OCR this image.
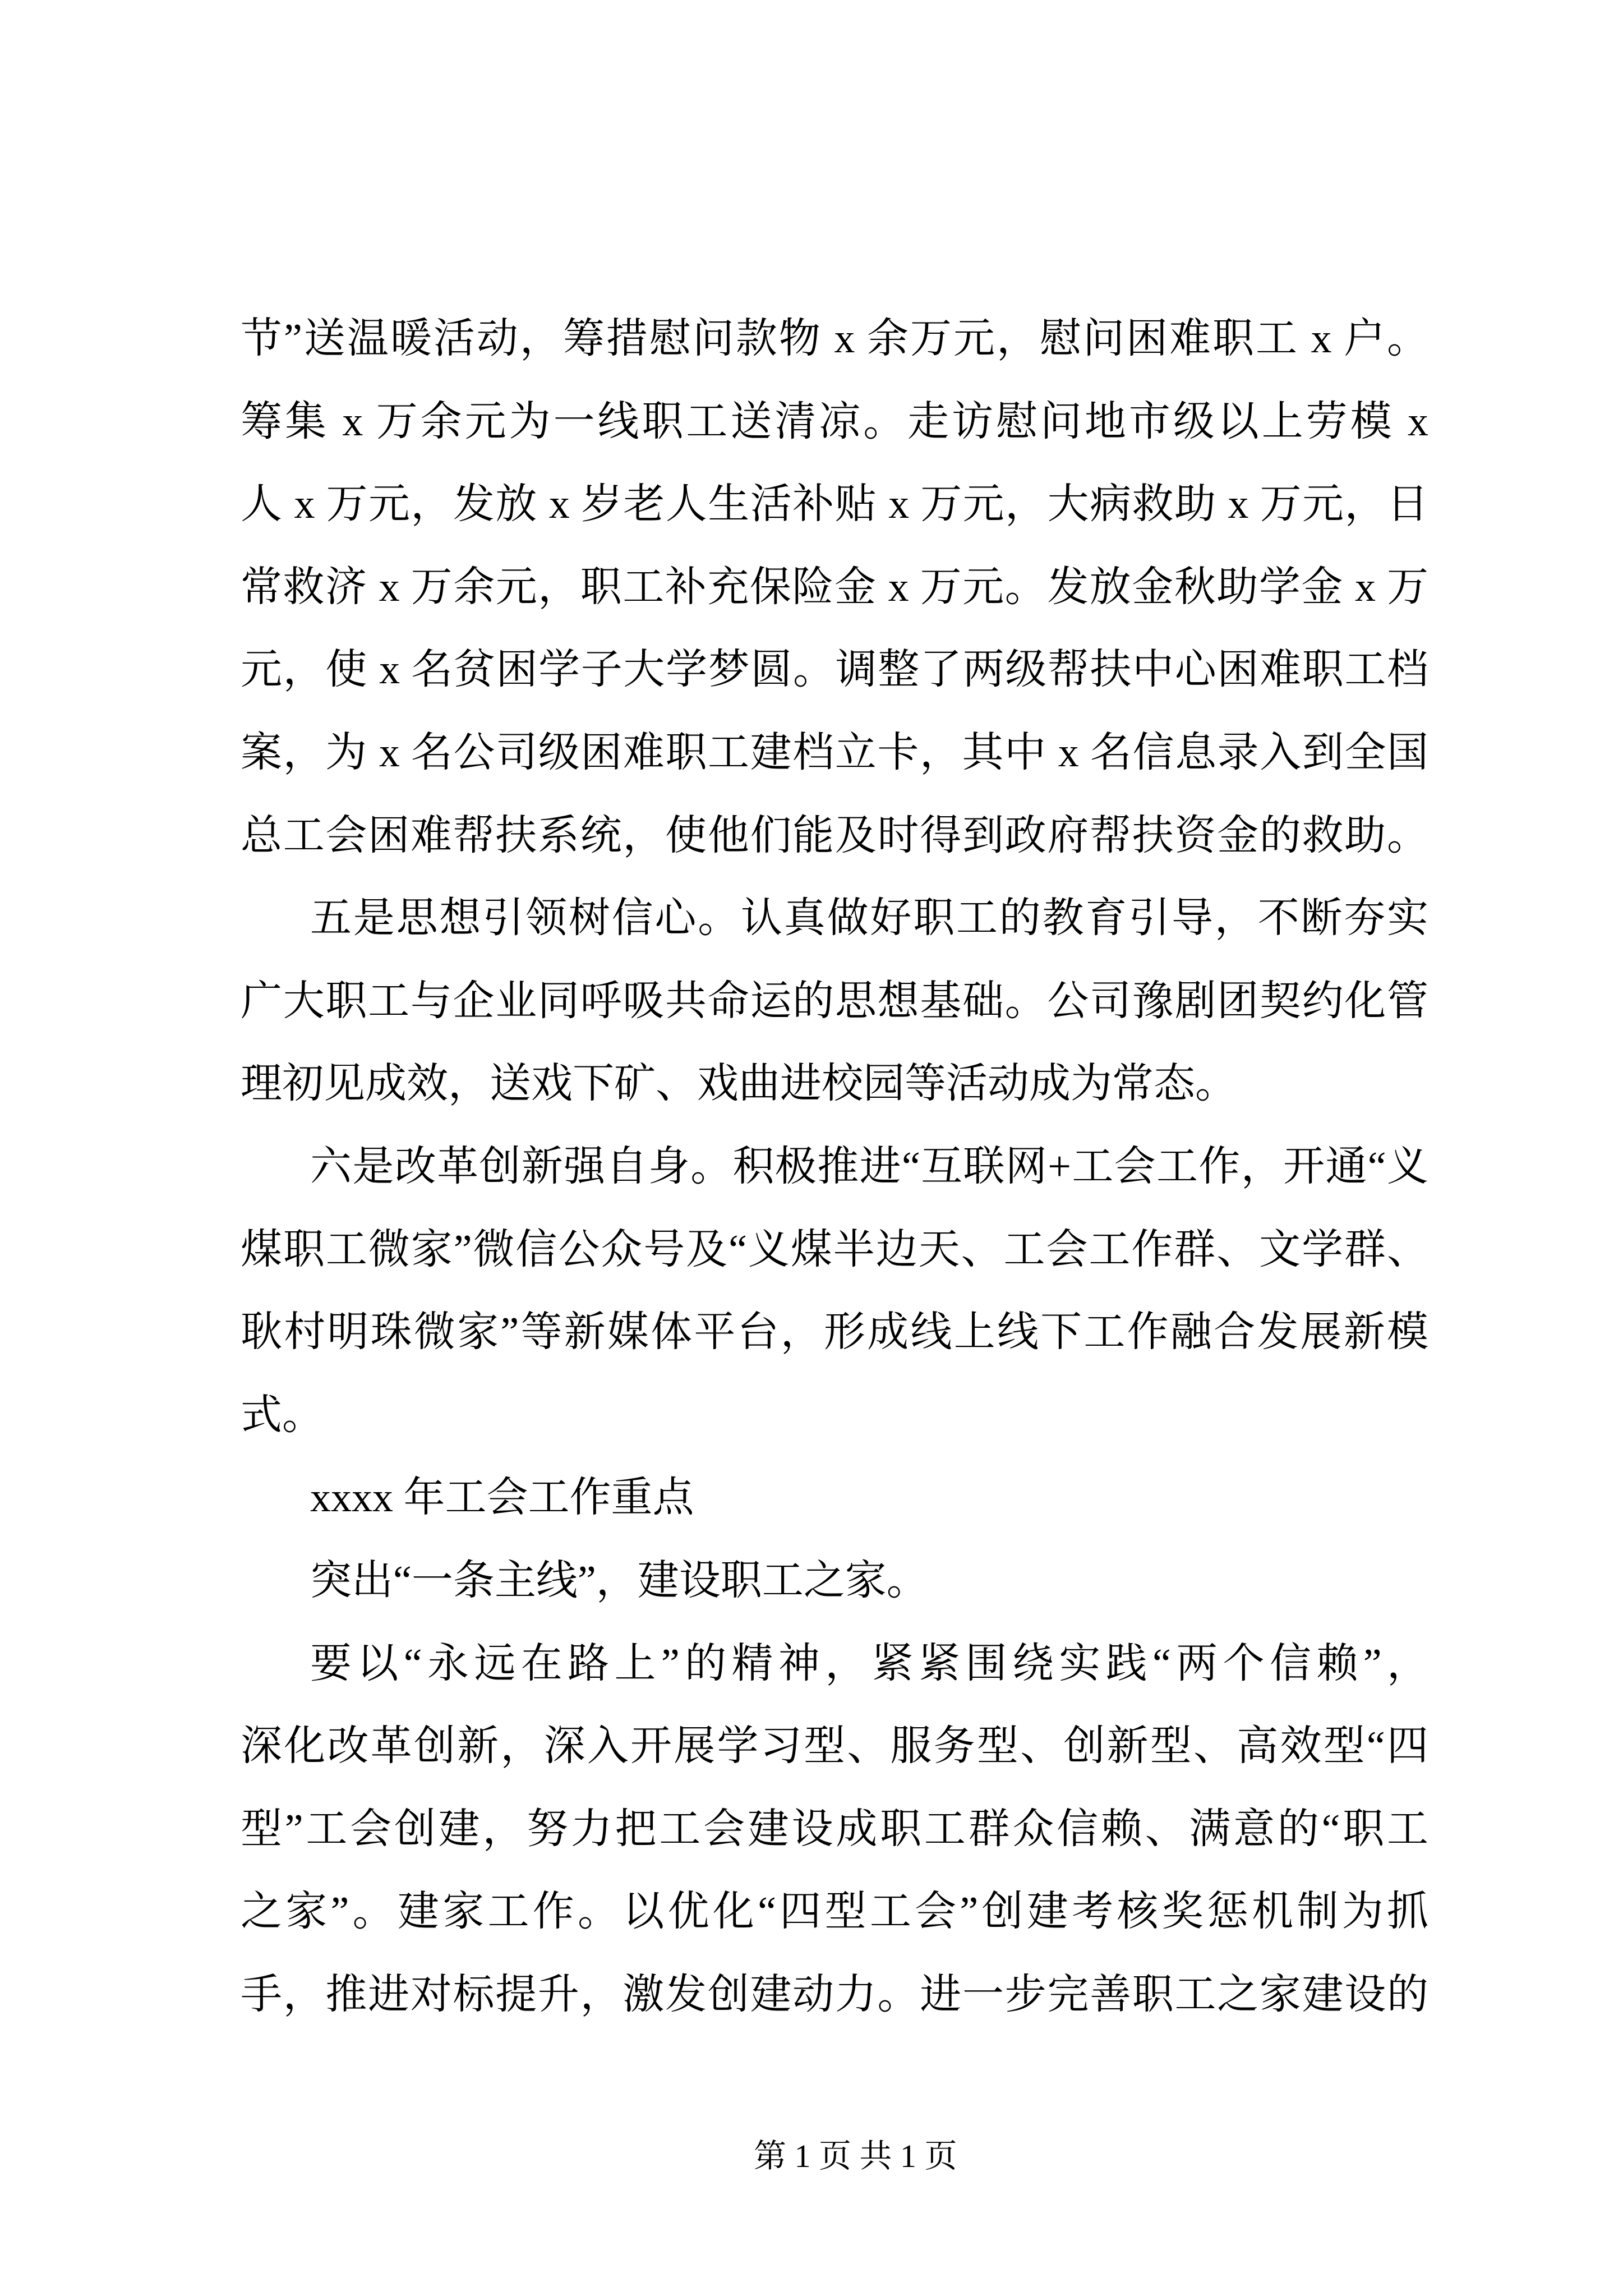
节”送温暖活动，筹措慰问款物 x 余万元，慰问困难职工 x 户。
筹集 x 万余元为一线职工送清凉。走访慰问地市级以上劳模 x
人 x 万元，发放 x 岁老人生活补贴 x 万元，大病救助 x 万元，日
常救济 x 万余元，职工补充保险金 x 万元。发放金秋助学金 x 万
元，使 x 名贫困学子大学梦圆。调整了两级帮扶中心困难职工档
案，为 x 名公司级困难职工建档立卡，其中 x 名信息录入到全国
总工会困难帮扶系统，使他们能及时得到政府帮扶资金的救助。
五是思想引领树信心。认真做好职工的教育引导，不断夯实
广大职工与企业同呼吸共命运的思想基础。公司豫剧团契约化管
理初见成效，送戏下矿、戏曲进校园等活动成为常态。
六是改革创新强自身。积极推进“互联网+工会工作，开通“义
煤职工微家”微信公众号及“义煤半边天、工会工作群、文学群、
耿村明珠微家”等新媒体平台，形成线上线下工作融合发展新模
式。
xxxx 年工会工作重点
突出“一条主线”，建设职工之家。
要以“永远在路上”的精神，紧紧围绕实践“两个信赖”，
深化改革创新，深入开展学习型、服务型、创新型、高效型“四
型”工会创建，努力把工会建设成职工群众信赖、满意的“职工
之家”。建家工作。以优化“四型工会”创建考核奖惩机制为抓
手，推进对标提升，激发创建动力。进一步完善职工之家建设的
第 1 页 共 1 页
